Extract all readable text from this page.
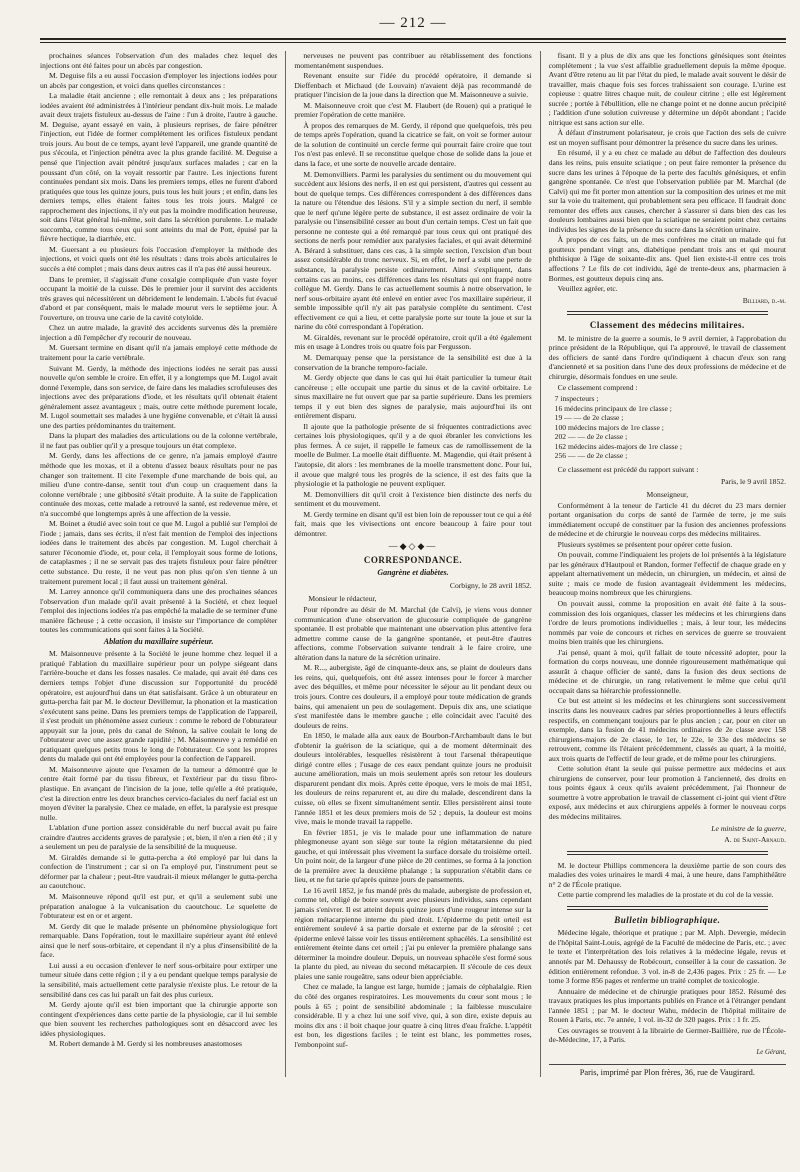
— 212 —

prochaines séances l'observation d'un des malades chez lequel des injections ont été faites pour un abcès par congestion.

M. Deguise fils a eu aussi l'occasion d'employer les injections iodées pour un abcès par congestion, et voici dans quelles circonstances :

La maladie était ancienne ; elle remontait à deux ans ; les préparations iodées avaient été administrées à l'intérieur pendant dix-huit mois. Le malade avait deux trajets fistuleux au-dessus de l'aine : l'un à droite, l'autre à gauche. M. Deguise, ayant essayé en vain, à plusieurs reprises, de faire pénétrer l'injection, eut l'idée de former complétement les orifices fistuleux pendant trois jours. Au bout de ce temps, ayant levé l'appareil, une grande quantité de pus s'écoula, et l'injection pénétra avec la plus grande facilité. M. Deguise a pensé que l'injection avait pénétré jusqu'aux surfaces malades ; car en la poussant d'un côté, on la voyait ressortir par l'autre. Les injections furent continuées pendant six mois. Dans les premiers temps, elles ne furent d'abord pratiquées que tous les quinze jours, puis tous les huit jours ; et enfin, dans les derniers temps, elles étaient faites tous les trois jours. Malgré ce rapprochement des injections, il n'y eut pas la moindre modification heureuse, soit dans l'état général lui-même, soit dans la sécrétion purulente. Le malade succomba, comme tous ceux qui sont atteints du mal de Pott, épuisé par la fièvre hectique, la diarrhée, etc.

M. Guersant a eu plusieurs fois l'occasion d'employer la méthode des injections, et voici quels ont été les résultats : dans trois abcès articulaires le succès a été complet ; mais dans deux autres cas il n'a pas été aussi heureux.

Dans le premier, il s'agissait d'une coxalgie compliquée d'un vaste foyer occupant la moitié de la cuisse. Dès le premier jour il survint des accidents très graves qui nécessitèrent un débridement le lendemain. L'abcès fut évacué d'abord et par conséquent, mais le malade mourut vers le septième jour. À l'ouverture, on trouva une carie de la cavité cotyloïde.

Chez un autre malade, la gravité des accidents survenus dès la première injection a dû l'empêcher d'y recourir de nouveau.

M. Guersant termine en disant qu'il n'a jamais employé cette méthode de traitement pour la carie vertébrale.

Suivant M. Gerdy, la méthode des injections iodées ne serait pas aussi nouvelle qu'on semble le croire. En effet, il y a longtemps que M. Lugol avait donné l'exemple, dans son service, de faire dans les maladies scrofuleuses des injections avec des préparations d'iode, et les résultats qu'il obtenait étaient généralement assez avantageux ; mais, outre cette méthode purement locale, M. Lugol soumettait ses malades à une hygiène convenable, et c'était là aussi une des parties prédominantes du traitement.

Dans la plupart des maladies des articulations ou de la colonne vertébrale, il ne faut pas oublier qu'il y a presque toujours un état complexe.

M. Gerdy, dans les affections de ce genre, n'a jamais employé d'autre méthode que les moxas, et il a obtenu d'assez beaux résultats pour ne pas changer son traitement. Il cite l'exemple d'une marchande de bois qui, au milieu d'une contre-danse, sentit tout d'un coup un craquement dans la colonne vertébrale ; une gibbosité s'était produite. À la suite de l'application continuée des moxas, cette malade a retrouvé la santé, est redevenue mère, et n'a succombé que longtemps après à une affection de la vessie.

M. Boinet a étudié avec soin tout ce que M. Lugol a publié sur l'emploi de l'iode ; jamais, dans ses écrits, il n'est fait mention de l'emploi des injections iodées dans le traitement des abcès par congestion. M. Lugol cherchait à saturer l'économie d'iode, et, pour cela, il l'employait sous forme de lotions, de cataplasmes ; il ne se servait pas des trajets fistuleux pour faire pénétrer cette substance. Du reste, il ne veut pas non plus qu'on s'en tienne à un traitement purement local ; il faut aussi un traitement général.

M. Larrey annonce qu'il communiquera dans une des prochaines séances l'observation d'un malade qu'il avait présenté à la Société, et chez lequel l'emploi des injections iodées n'a pas empêché la maladie de se terminer d'une manière fâcheuse ; à cette occasion, il insiste sur l'importance de compléter toutes les communications qui sont faites à la Société.

Ablation du maxillaire supérieur.

M. Maisonneuve présente à la Société le jeune homme chez lequel il a pratiqué l'ablation du maxillaire supérieur pour un polype siégeant dans l'arrière-bouche et dans les fosses nasales. Ce malade, qui avait été dans ces derniers temps l'objet d'une discussion sur l'opportunité du procédé opératoire, est aujourd'hui dans un état satisfaisant. Grâce à un obturateur en gutta-percha fait par M. le docteur Devillemur, la phonation et la mastication s'exécutent sans peine. Dans les premiers temps de l'application de l'appareil, il s'est produit un phénomène assez curieux : comme le rebord de l'obturateur appuyait sur la joue, près du canal de Sténon, la salive coulait le long de l'obturateur avec une assez grande rapidité ; M. Maisonneuve y a remédié en pratiquant quelques petits trous le long de l'obturateur. Ce sont les propres dents du malade qui ont été employées pour la confection de l'appareil.

M. Maisonneuve ajoute que l'examen de la tumeur a démontré que le centre était formé par du tissu fibreux, et l'extérieur par du tissu fibro-plastique. En avançant de l'incision de la joue, telle qu'elle a été pratiquée, c'est la direction entre les deux branches cervico-faciales du nerf facial est un moyen d'éviter la paralysie. Chez ce malade, en effet, la paralysie est presque nulle.

L'ablation d'une portion assez considérable du nerf buccal avait pu faire craindre d'autres accidents graves de paralysie ; et, bien, il n'en a rien été ; il y a seulement un peu de paralysie de la sensibilité de la muqueuse.

M. Giraldès demande si le gutta-percha a été employé par lui dans la confection de l'instrument ; car si on l'a employé pur, l'instrument peut se déformer par la chaleur ; peut-être vaudrait-il mieux mélanger le gutta-percha au caoutchouc.

M. Maisonneuve répond qu'il est pur, et qu'il a seulement subi une préparation analogue à la vulcanisation du caoutchouc. Le squelette de l'obturateur est en or et argent.

M. Gerdy dit que le malade présente un phénomène physiologique fort remarquable. Dans l'opération, tout le maxillaire supérieur ayant été enlevé ainsi que le nerf sous-orbitaire, et cependant il n'y a plus d'insensibilité de la face.

Lui aussi a eu occasion d'enlever le nerf sous-orbitaire pour extirper une tumeur située dans cette région ; il y a eu pendant quelque temps paralysie de la sensibilité, mais actuellement cette paralysie n'existe plus. Le retour de la sensibilité dans ces cas lui paraît un fait des plus curieux.

M. Gerdy ajoute qu'il est bien important que la chirurgie apporte son contingent d'expériences dans cette partie de la physiologie, car il lui semble que bien souvent les recherches pathologiques sont en désaccord avec les idées physiologiques.

M. Robert demande à M. Gerdy si les nombreuses anastomoses

nerveuses ne peuvent pas contribuer au rétablissement des fonctions momentanément suspendues.

Revenant ensuite sur l'idée du procédé opératoire, il demande si Dieffenbach et Michaud (de Louvain) n'avaient déjà pas recommandé de pratiquer l'incision de la joue dans la direction que M. Maisonneuve a suivie.

M. Maisonneuve croit que c'est M. Flaubert (de Rouen) qui a pratiqué le premier l'opération de cette manière.

À propos des remarques de M. Gerdy, il répond que quelquefois, très peu de temps après l'opération, quand la cicatrice se fait, on voit se former autour de la solution de continuité un cercle ferme qui pourrait faire croire que tout l'os n'est pas enlevé. Il se reconstitue quelque chose de solide dans la joue et dans la face, et une sorte de nouvelle arcade dentaire.

M. Demonvilliers. Parmi les paralysies du sentiment ou du mouvement qui succèdent aux lésions des nerfs, il en est qui persistent, d'autres qui cessent au bout de quelque temps. Ces différences correspondent à des différences dans la nature ou l'étendue des lésions. S'il y a simple section du nerf, il semble que le nerf qu'une légère perte de substance, il est assez ordinaire de voir la paralysie ou l'insensibilité cesser au bout d'un certain temps. C'est un fait que personne ne conteste qui a été remarqué par tous ceux qui ont pratiqué des sections de nerfs pour remédier aux paralysies faciales, et qui avait déterminé A. Bérard à substituer, dans ces cas, à la simple section, l'excision d'un bout assez considérable du tronc nerveux. Si, en effet, le nerf a subi une perte de substance, la paralysie persiste ordinairement. Ainsi s'expliquent, dans certains cas au moins, ces différences dans les résultats qui ont frappé notre collègue M. Gerdy. Dans le cas actuellement soumis à notre observation, le nerf sous-orbitaire ayant été enlevé en entier avec l'os maxillaire supérieur, il semble impossible qu'il n'y ait pas paralysie complète du sentiment. C'est effectivement ce qui a lieu, et cette paralysie porte sur toute la joue et sur la narine du côté correspondant à l'opération.

M. Giraldès, revenant sur le procédé opératoire, croit qu'il a été également mis en usage à Londres trois ou quatre fois par Fergusson.

M. Demarquay pense que la persistance de la sensibilité est due à la conservation de la branche temporo-faciale.

M. Gerdy objecte que dans le cas qui lui était particulier la tumeur était cancéreuse ; elle occupait une partie du sinus et de la cavité orbitaire. Le sinus maxillaire ne fut ouvert que par sa partie supérieure. Dans les premiers temps il y eut bien des signes de paralysie, mais aujourd'hui ils ont entièrement disparu.

Il ajoute que la pathologie présente de si fréquentes contradictions avec certaines lois physiologiques, qu'il y a de quoi ébranler les convictions les plus fermes. À ce sujet, il rappelle le fameux cas de ramollissement de la moelle de Bulmer. La moelle était diffluente. M. Magendie, qui était présent à l'autopsie, dit alors : les membranes de la moelle transmettent donc. Pour lui, il avoue que malgré tous les progrès de la science, il est des faits que la physiologie et la pathologie ne peuvent expliquer.

M. Demonvilliers dit qu'il croit à l'existence bien distincte des nerfs du sentiment et du mouvement.

M. Gerdy termine en disant qu'il est bien loin de repousser tout ce qui a été fait, mais que les vivisections ont encore beaucoup à faire pour tout démontrer.

—◆◇◆—
CORRESPONDANCE.
Gangrène et diabètes.
Corbigny, le 28 avril 1852.

Monsieur le rédacteur,

Pour répondre au désir de M. Marchal (de Calvi), je viens vous donner communication d'une observation de glucosurie compliquée de gangrène spontanée. Il est probable que maintenant une observation plus attentive fera admettre comme cause de la gangrène spontanée, et peut-être d'autres affections, comme l'observation suivante tendrait à le faire croire, une altération dans la nature de la sécrétion urinaire.

M. R..., aubergiste, âgé de cinquante-deux ans, se plaint de douleurs dans les reins, qui, quelquefois, ont été assez intenses pour le forcer à marcher avec des béquilles, et même pour nécessiter le séjour au lit pendant deux ou trois jours. Contre ces douleurs, il a employé pour toute médication de grands bains, qui amenaient un peu de soulagement. Depuis dix ans, une sciatique s'est manifestée dans le membre gauche ; elle coïncidait avec l'acuité des douleurs de reins.

En 1850, le malade alla aux eaux de Bourbon-l'Archambault dans le but d'obtenir la guérison de la sciatique, qui a de moment déterminait des douleurs intolérables, lesquelles résistèrent à tout l'arsenal thérapeutique dirigé contre elles ; l'usage de ces eaux pendant quinze jours ne produisit aucune amélioration, mais un mois seulement après son retour les douleurs disparurent pendant dix mois. Après cette époque, vers le mois de mai 1851, les douleurs de reins reparurent et, au dire du malade, descendirent dans la cuisse, où elles se fixent simultanément sentir. Elles persistèrent ainsi toute l'année 1851 et les deux premiers mois de 52 ; depuis, la douleur est moins vive, mais le monde travail la rappelle.

En février 1851, je vis le malade pour une inflammation de nature phlegmoneuse ayant son siège sur toute la région métatarsienne du pied gauche, et qui intéressait plus vivement la surface dorsale du troisième orteil. Un point noir, de la largeur d'une pièce de 20 centimes, se forma à la jonction de la première avec la deuxième phalange ; la suppuration s'établit dans ce lieu, et ne fut tarie qu'après quinze jours de pansements.

Le 16 avril 1852, je fus mandé près du malade, aubergiste de profession et, comme tel, obligé de boire souvent avec plusieurs individus, sans cependant jamais s'enivrer. Il est atteint depuis quinze jours d'une rougeur intense sur la région métacarpienne interne du pied droit. L'épiderme du petit orteil est entièrement soulevé à sa partie dorsale et externe par de la sérosité ; cet épiderme enlevé laisse voir les tissus entièrement sphacélés. La sensibilité est entièrement éteinte dans cet orteil ; j'ai pu enlever la première phalange sans déterminer la moindre douleur. Depuis, un nouveau sphacèle s'est formé sous la plante du pied, au niveau du second métacarpien. Il s'écoule de ces deux plaies une sanie rougeâtre, sans odeur bien appréciable.

Chez ce malade, la langue est large, humide ; jamais de céphalalgie. Rien du côté des organes respiratoires. Les mouvements du cœur sont mous ; le pouls à 65 ; point de sensibilité abdominale ; la faiblesse musculaire considérable. Il y a chez lui une soif vive, qui, à son dire, existe depuis au moins dix ans : il boit chaque jour quatre à cinq litres d'eau fraîche. L'appétit est bon, les digestions faciles ; le teint est blanc, les pommettes roses, l'embonpoint suf-

fisant. Il y a plus de dix ans que les fonctions génésiques sont éteintes complétement ; la vue s'est affaiblie graduellement depuis la même époque. Avant d'être retenu au lit par l'état du pied, le malade avait souvent le désir de travailler, mais chaque fois ses forces trahissaient son courage. L'urine est copieuse : quatre litres chaque nuit, de couleur citrine ; elle est légèrement sucrée ; portée à l'ébullition, elle ne change point et ne donne aucun précipité ; l'addition d'une solution cuivreuse y détermine un dépôt abondant ; l'acide nitrique est sans action sur elle.

À défaut d'instrument polarisateur, je crois que l'action des sels de cuivre est un moyen suffisant pour démontrer la présence du sucre dans les urines.

En résumé, il y a eu chez ce malade au début de l'affection des douleurs dans les reins, puis ensuite sciatique ; on peut faire remonter la présence du sucre dans les urines à l'époque de la perte des facultés génésiques, et enfin gangrène spontanée. Ce n'est que l'observation publiée par M. Marchal (de Calvi) qui me fit porter mon attention sur la composition des urines et me mit sur la voie du traitement, qui probablement sera peu efficace. Il faudrait donc remonter des effets aux causes, chercher à s'assurer si dans bien des cas les douleurs lombaires aussi bien que la sciatique ne seraient point chez certains individus les signes de la présence du sucre dans la sécrétion urinaire.

À propos de ces faits, un de mes confrères me citait un malade qui fut goutteux pendant vingt ans, diabétique pendant trois ans et qui mourut phthisique à l'âge de soixante-dix ans. Quel lien existe-t-il entre ces trois affections ? Le fils de cet individu, âgé de trente-deux ans, pharmacien à Bormes, est goutteux depuis cinq ans.

Veuillez agréer, etc.

Billiard, d.-m.
Classement des médecins militaires.

M. le ministre de la guerre a soumis, le 9 avril dernier, à l'approbation du prince président de la République, qui l'a approuvé, le travail de classement des officiers de santé dans l'ordre qu'indiquent à chacun d'eux son rang d'ancienneté et sa position dans l'une des deux professions de médecine et de chirurgie, désormais fondues en une seule.

Ce classement comprend :

7 inspecteurs ;
16 médecins principaux de 1re classe ;
19 — — de 2e classe ;
100 médecins majors de 1re classe ;
202 — — de 2e classe ;
162 médecins aides-majors de 1re classe ;
256 — — de 2e classe ;

Ce classement est précédé du rapport suivant :

Paris, le 9 avril 1852.

Monseigneur,

Conformément à la teneur de l'article 41 du décret du 23 mars dernier portant organisation du corps de santé de l'armée de terre, je me suis immédiatement occupé de constituer par la fusion des anciennes professions de médecine et de chirurgie le nouveau corps des médecins militaires.

Plusieurs systèmes se présentent pour opérer cette fusion.

On pouvait, comme l'indiquaient les projets de loi présentés à la législature par les généraux d'Hautpoul et Randon, former l'effectif de chaque grade en y appelant alternativement un médecin, un chirurgien, un médecin, et ainsi de suite ; mais ce mode de fusion avantageait évidemment les médecins, beaucoup moins nombreux que les chirurgiens.

On pouvait aussi, comme la proposition en avait été faite à la sous-commission des lois organiques, classer les médecins et les chirurgiens dans l'ordre de leurs promotions individuelles ; mais, à leur tour, les médecins nommés par voie de concours et riches en services de guerre se trouvaient moins bien traités que les chirurgiens.

J'ai pensé, quant à moi, qu'il fallait de toute nécessité adopter, pour la formation du corps nouveau, une donnée rigoureusement mathématique qui assurât à chaque officier de santé, dans la fusion des deux sections de médecine et de chirurgie, un rang relativement le même que celui qu'il occupait dans sa hiérarchie professionnelle.

Ce but est atteint si les médecins et les chirurgiens sont successivement inscrits dans les nouveaux cadres par séries proportionnelles à leurs effectifs respectifs, en commençant toujours par le plus ancien ; car, pour en citer un exemple, dans la fusion de 41 médecins ordinaires de 2e classe avec 158 chirurgiens-majors de 2e classe, le 1er, le 22e, le 33e des médecins se retrouvent, comme ils l'étaient précédemment, classés au quart, à la moitié, aux trois quarts de l'effectif de leur grade, et de même pour les chirurgiens.

Cette solution étant la seule qui puisse permettre aux médecins et aux chirurgiens de conserver, pour leur promotion à l'ancienneté, des droits en tous points égaux à ceux qu'ils avaient précédemment, j'ai l'honneur de soumettre à votre approbation le travail de classement ci-joint qui vient d'être exposé, aux médecins et aux chirurgiens appelés à former le nouveau corps des médecins militaires.

Le ministre de la guerre,
A. de Saint-Arnaud.

M. le docteur Phillips commencera la deuxième partie de son cours des maladies des voies urinaires le mardi 4 mai, à une heure, dans l'amphithéâtre n° 2 de l'École pratique.

Cette partie comprend les maladies de la prostate et du col de la vessie.

Bulletin bibliographique.

Médecine légale, théorique et pratique ; par M. Alph. Devergie, médecin de l'hôpital Saint-Louis, agrégé de la Faculté de médecine de Paris, etc. ; avec le texte et l'interprétation des lois relatives à la médecine légale, revus et annotés par M. Dehaussy de Robécourt, conseiller à la cour de cassation. 3e édition entièrement refondue. 3 vol. in-8 de 2,436 pages. Prix : 25 fr. — Le tome 3 forme 856 pages et renferme un traité complet de toxicologie.

Annuaire de médecine et de chirurgie pratiques pour 1852. Résumé des travaux pratiques les plus importants publiés en France et à l'étranger pendant l'année 1851 ; par M. le docteur Wahu, médecin de l'hôpital militaire de Rouen à Paris, etc. 7e année, 1 vol. in-32 de 320 pages. Prix : 1 fr. 25.

Ces ouvrages se trouvent à la librairie de Germer-Baillière, rue de l'École-de-Médecine, 17, à Paris.

Le Gérant,
Paris, imprimé par Plon frères, 36, rue de Vaugirard.
